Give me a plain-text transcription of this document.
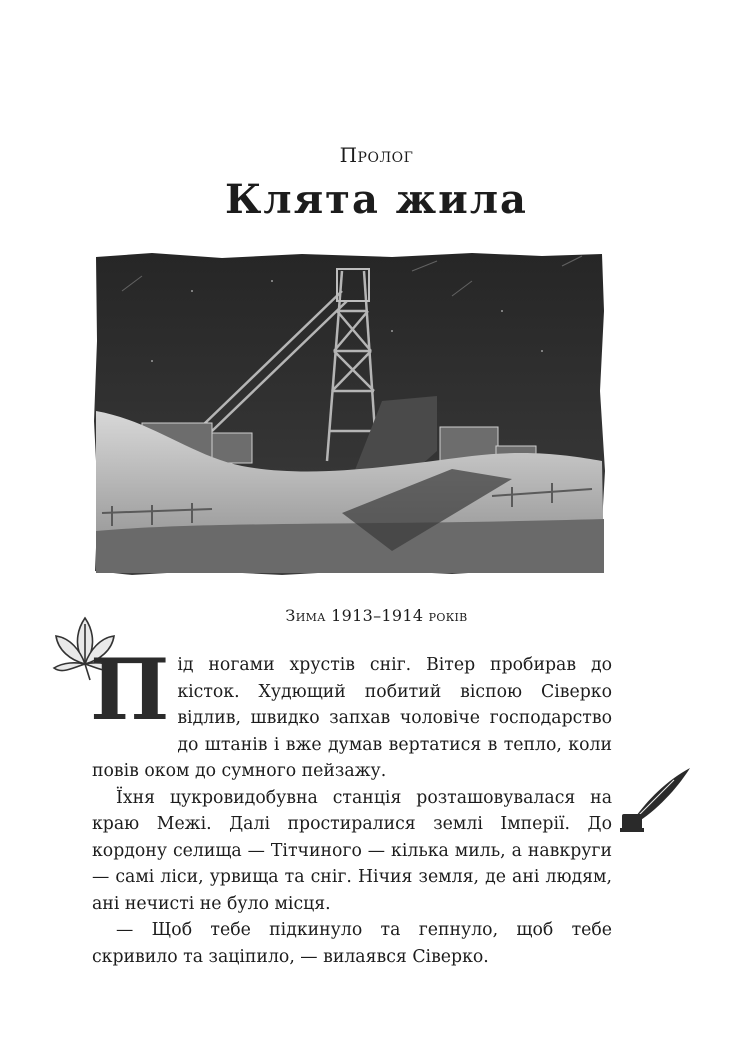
Пролог
Клята жила
Зима 1913–1914 років

Під ногами хрустів сніг. Вітер пробирав до кісток. Худющий побитий віспою Сіверко відлив, швидко запхав чоловіче господарство до штанів і вже думав вертатися в тепло, коли повів оком до сумного пейзажу.

Їхня цукровидобувна станція розташовувалася на краю Межі. Далі простиралися землі Імперії. До кордону селища — Тітчиного — кілька миль, а навкруги — самі ліси, урвища та сніг. Нічия земля, де ані людям, ані нечисті не було місця.

— Щоб тебе підкинуло та гепнуло, щоб тебе скривило та заціпило, — вилаявся Сіверко.
